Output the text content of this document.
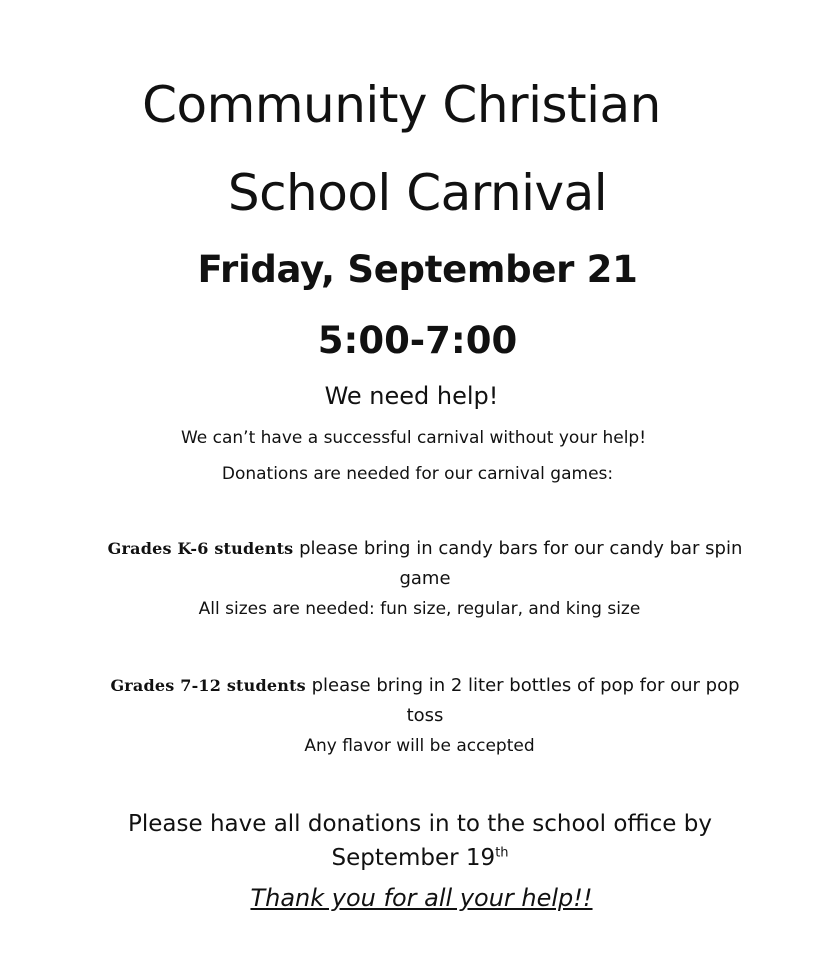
Community Christian
School Carnival
Friday, September 21
5:00-7:00
We need help!
We can’t have a successful carnival without your help!
Donations are needed for our carnival games:
Grades K-6 students please bring in candy bars for our candy bar spin game
All sizes are needed: fun size, regular, and king size
Grades 7-12 students please bring in 2 liter bottles of pop for our pop toss
Any flavor will be accepted
Please have all donations in to the school office by September 19th
Thank you for all your help!!
